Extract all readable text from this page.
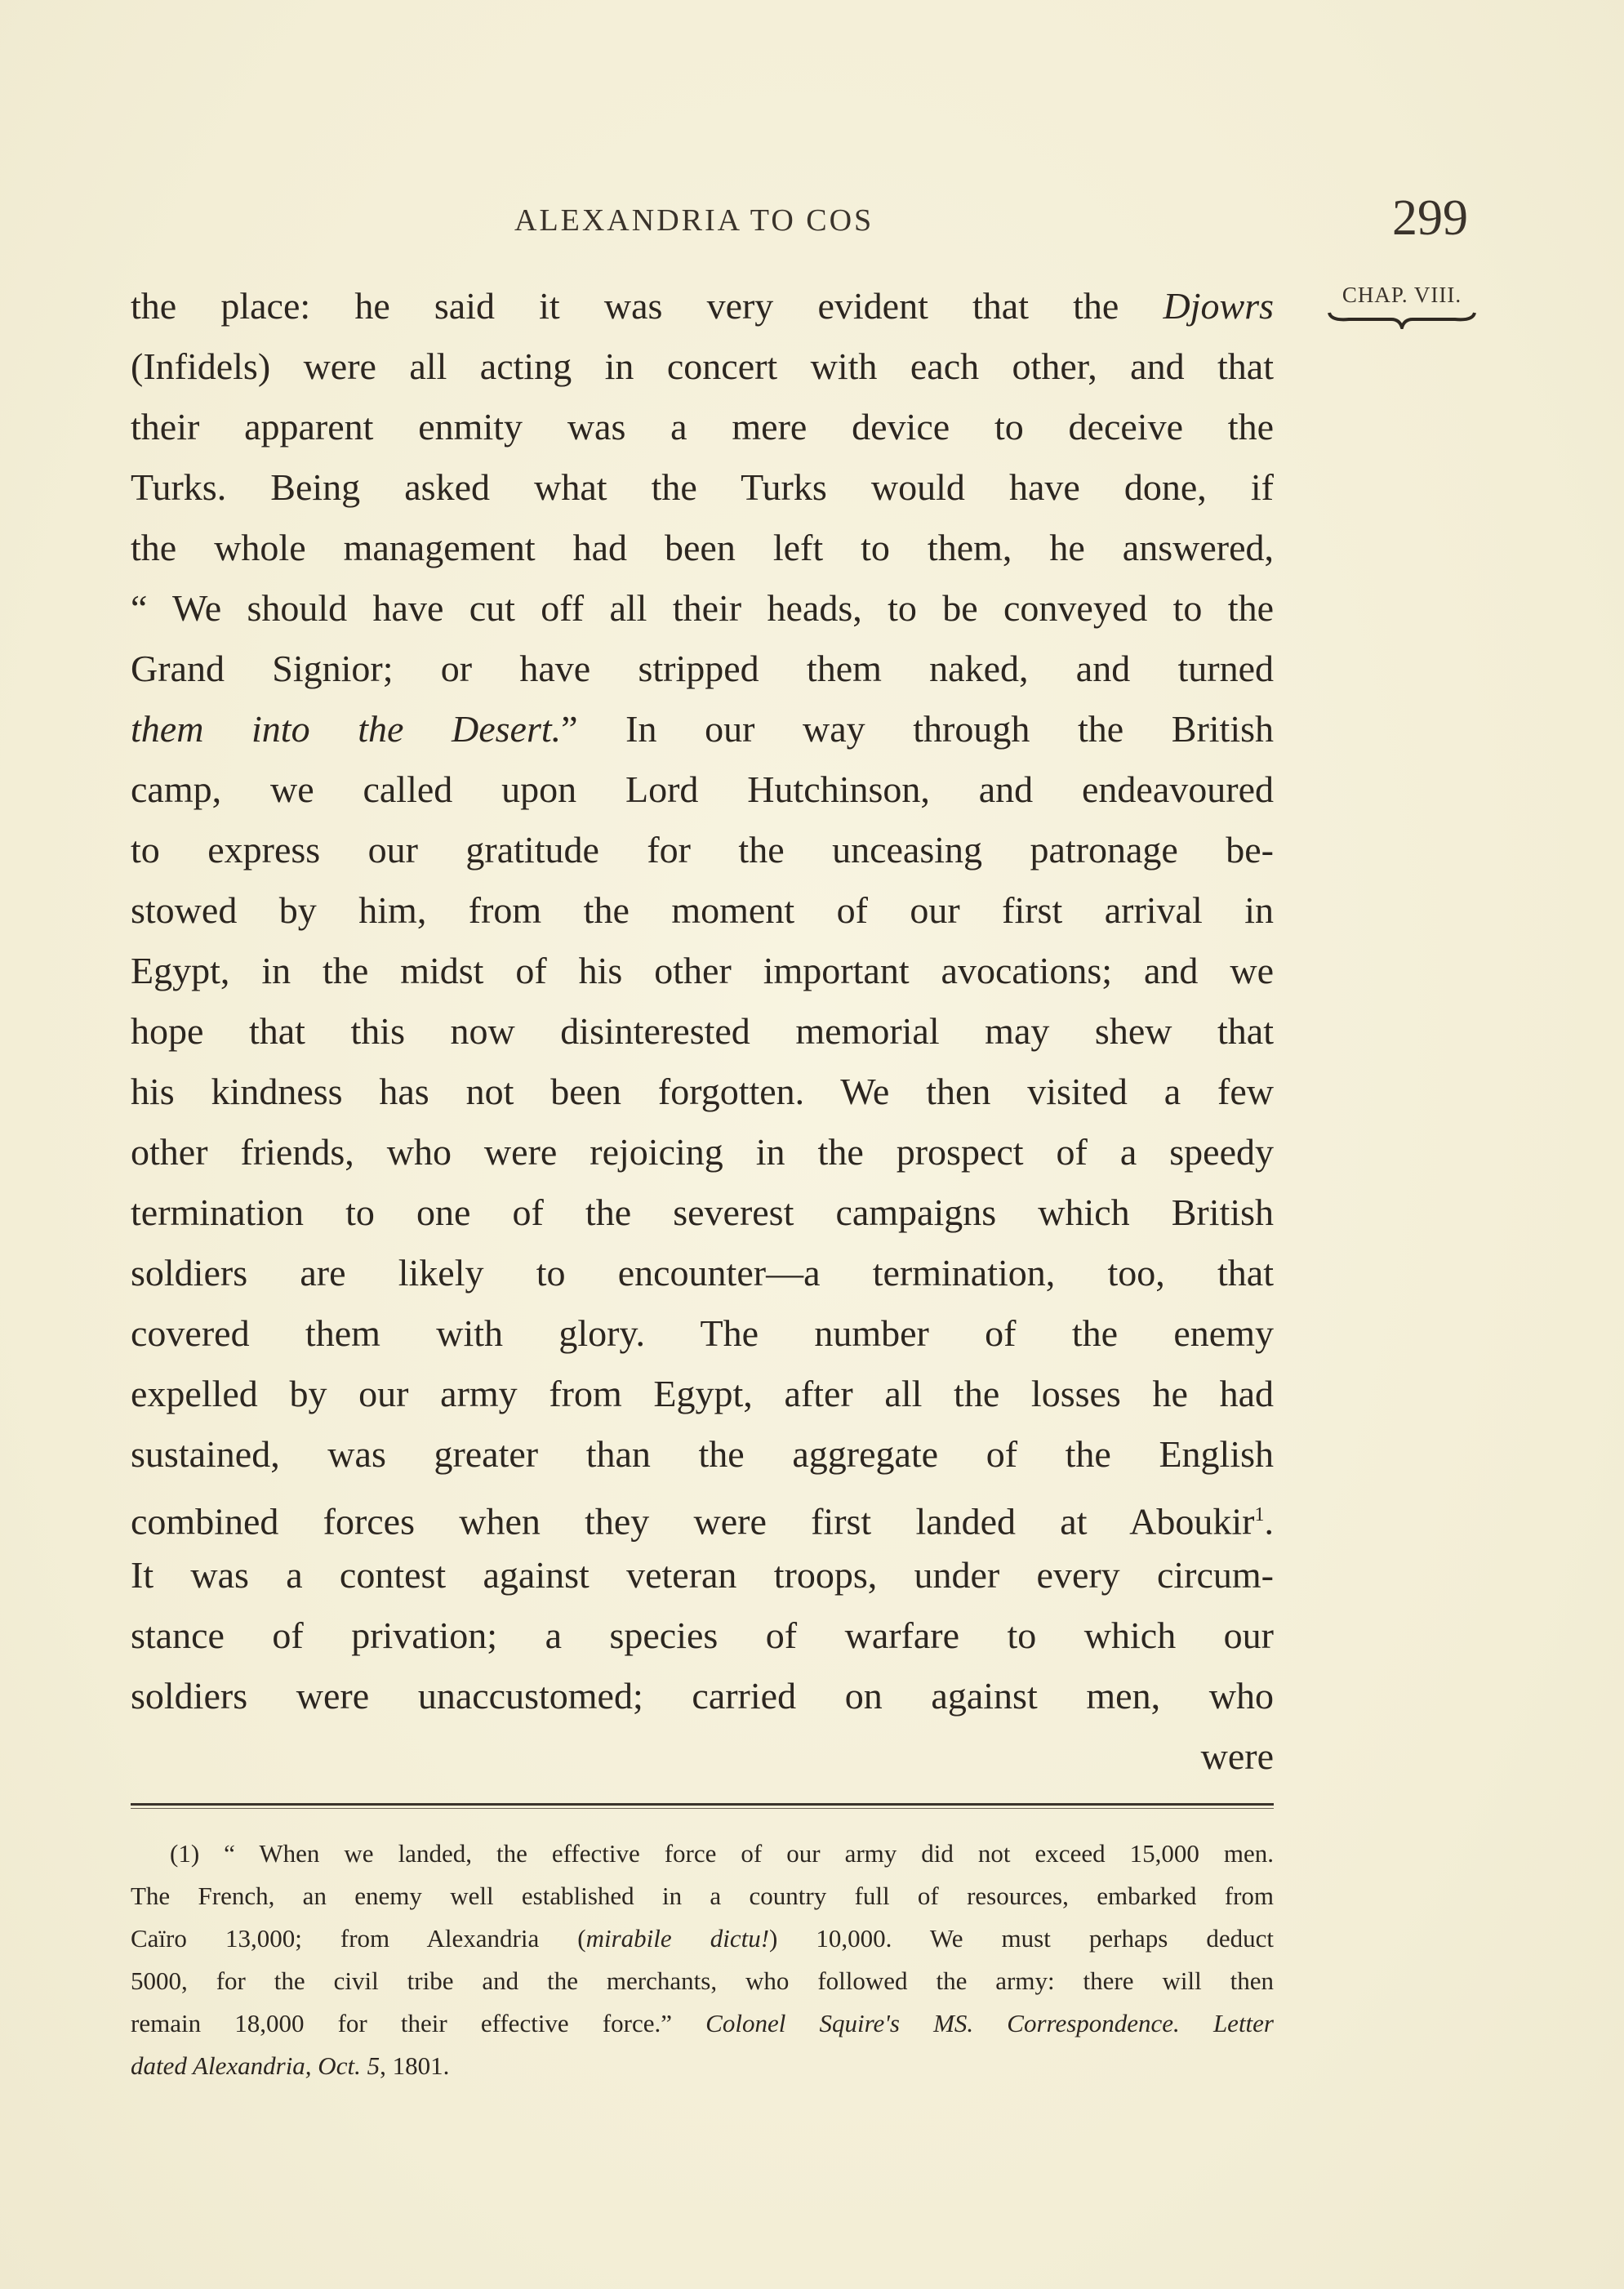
ALEXANDRIA TO COS	299
CHAP. VIII.
the place: he said it was very evident that the Djowrs
(Infidels) were all acting in concert with each other, and that
their apparent enmity was a mere device to deceive the
Turks. Being asked what the Turks would have done, if
the whole management had been left to them, he answered,
“ We should have cut off all their heads, to be conveyed to the
Grand Signior; or have stripped them naked, and turned
them into the Desert.” In our way through the British
camp, we called upon Lord Hutchinson, and endeavoured
to express our gratitude for the unceasing patronage be-
stowed by him, from the moment of our first arrival in
Egypt, in the midst of his other important avocations; and we
hope that this now disinterested memorial may shew that
his kindness has not been forgotten. We then visited a few
other friends, who were rejoicing in the prospect of a speedy
termination to one of the severest campaigns which British
soldiers are likely to encounter—a termination, too, that
covered them with glory. The number of the enemy
expelled by our army from Egypt, after all the losses he had
sustained, was greater than the aggregate of the English
combined forces when they were first landed at Aboukir$^1$.
It was a contest against veteran troops, under every circum-
stance of privation; a species of warfare to which our
soldiers were unaccustomed; carried on against men, who
were
(1) “ When we landed, the effective force of our army did not exceed 15,000 men.
The French, an enemy well established in a country full of resources, embarked from
Caïro 13,000; from Alexandria (mirabile dictu!) 10,000. We must perhaps deduct
5000, for the civil tribe and the merchants, who followed the army: there will then
remain 18,000 for their effective force.” Colonel Squire's MS. Correspondence. Letter
dated Alexandria, Oct. 5, 1801.
